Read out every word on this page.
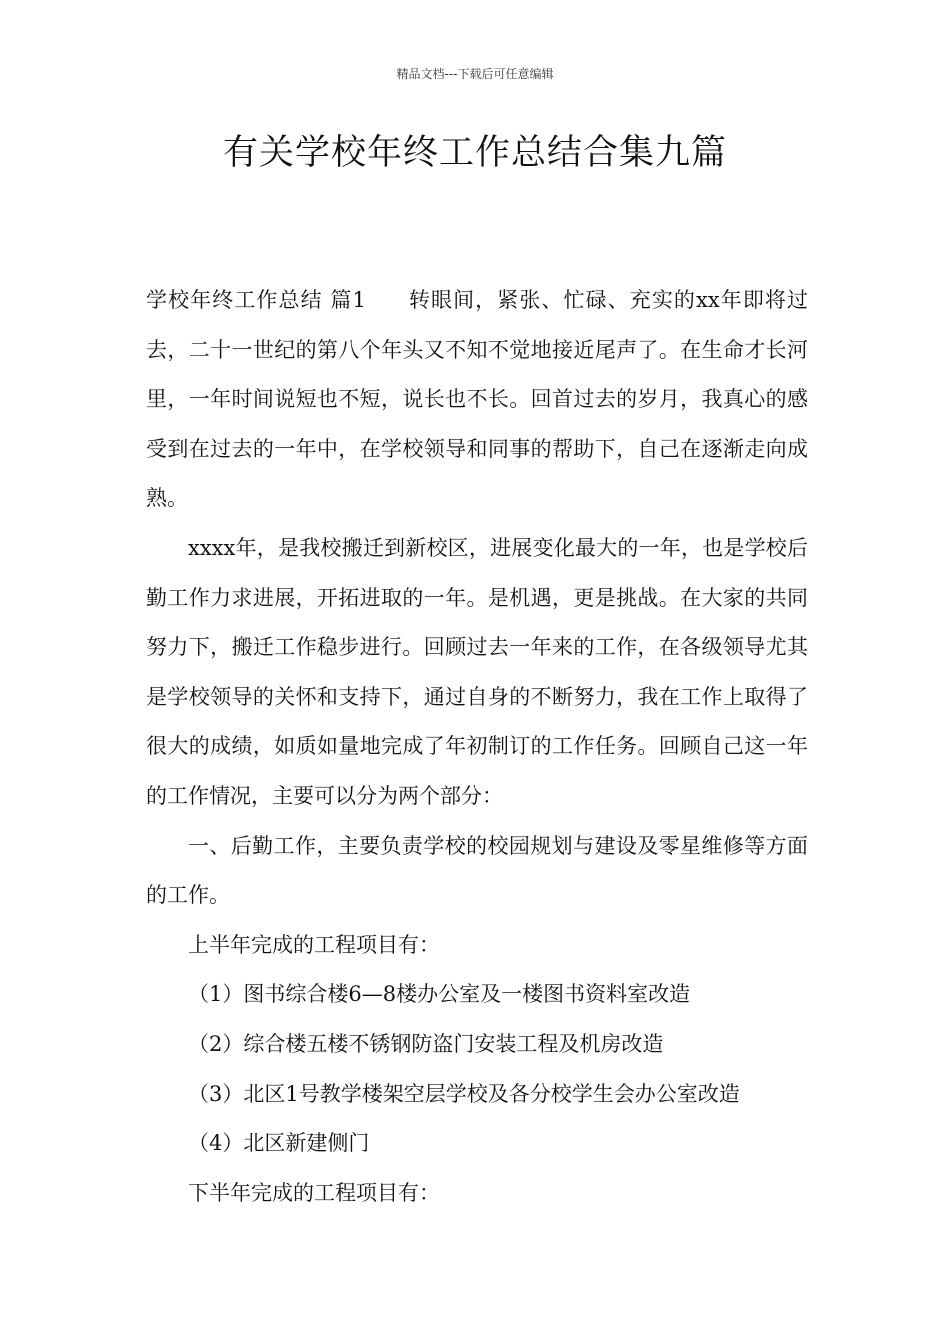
精品文档---下载后可任意编辑
有关学校年终工作总结合集九篇

学校年终工作总结 篇1 转眼间，紧张、忙碌、充实的xx年即将过去，二十一世纪的第八个年头又不知不觉地接近尾声了。在生命才长河里，一年时间说短也不短，说长也不长。回首过去的岁月，我真心的感受到在过去的一年中，在学校领导和同事的帮助下，自己在逐渐走向成熟。

xxxx年，是我校搬迁到新校区，进展变化最大的一年，也是学校后勤工作力求进展，开拓进取的一年。是机遇，更是挑战。在大家的共同努力下，搬迁工作稳步进行。回顾过去一年来的工作，在各级领导尤其是学校领导的关怀和支持下，通过自身的不断努力，我在工作上取得了很大的成绩，如质如量地完成了年初制订的工作任务。回顾自己这一年的工作情况，主要可以分为两个部分：

一、后勤工作，主要负责学校的校园规划与建设及零星维修等方面的工作。

上半年完成的工程项目有：

（1）图书综合楼6—8楼办公室及一楼图书资料室改造

（2）综合楼五楼不锈钢防盗门安装工程及机房改造

（3）北区1号教学楼架空层学校及各分校学生会办公室改造

（4）北区新建侧门

下半年完成的工程项目有：
